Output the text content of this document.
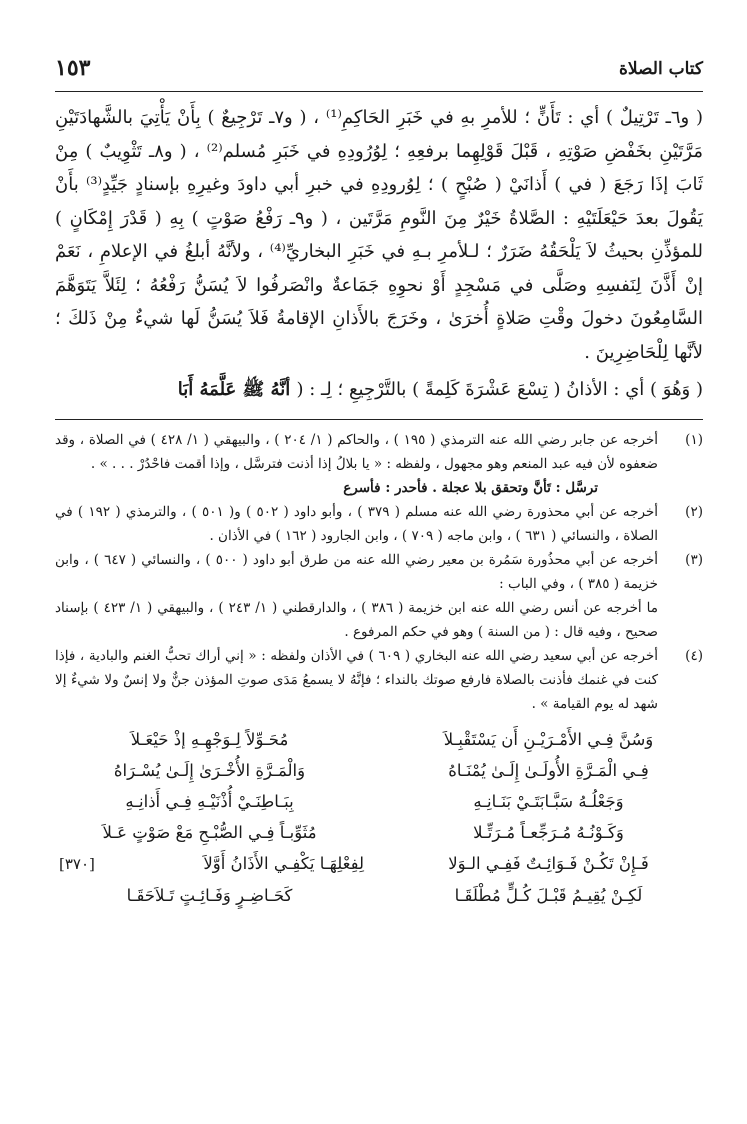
كتاب الصلاة
١٥٣

( و٦ـ تَرْتِيلٌ ) أي : تَأَنٍّ ؛ للأمرِ بهِ في خَبَرِ الحَاكِمِ⁽¹⁾ ، ( و٧ـ تَرْجِيعٌ ) بِأَنْ يَأْتِيَ بالشَّهادَتَيْنِ مَرَّتَيْنِ بخَفْضِ صَوْتِهِ ، قَبْلَ قَوْلِهِما برفعِهِ ؛ لِوُرُودِهِ في خَبَرِ مُسلم⁽²⁾ ، ( و٨ـ تَثْوِيبٌ ) مِنْ ثَابَ إذَا رَجَعَ ( في ) أَذانَيْ ( صُبْحٍ ) ؛ لِوُرودِهِ في خبرِ أبي داودَ وغيرِهِ بإسنادٍ جَيِّدٍ⁽³⁾ بأَنْ يَقُولَ بعدَ حَيْعَلَتَيْهِ : الصَّلاةُ خَيْرٌ مِنَ النَّومِ مَرَّتَين ، ( و٩ـ رَفْعُ صَوْتٍ ) بِهِ ( قَدْرَ إِمْكَانٍ ) للمؤذِّنِ بحيثُ لاَ يَلْحَقُهُ ضَرَرٌ ؛ لـلأمرِ بـهِ في خَبَرِ البخاريِّ⁽⁴⁾ ، ولأنَّهُ أبلغُ في الإعلامِ ، نَعَمْ إنْ أَذَّنَ لِنَفسِهِ وصَلَّى في مَسْجِدٍ أَوْ نحوِهِ جَمَاعةٌ وانْصَرفُوا لاَ يُسَنُّ رَفْعُهُ ؛ لِئَلاَّ يَتَوَهَّمَ السَّامِعُونَ دخولَ وقْتِ صَلاةٍ أُخرَىٰ ، وخَرَجَ بالأَذانِ الإقامةُ فَلاَ يُسَنُّ لَها شيءٌ مِنْ ذَلكَ ؛ لأنَّها لِلْحَاضِرِينَ .

( وَهُوَ ) أي : الأذانُ ( تِسْعَ عَشْرَةَ كَلِمةً ) بالتَّرْجِيعِ ؛ لِـ : ( أنَّهُ ﷺ عَلَّمَهُ أَبَا

(١)

أخرجه عن جابر رضي الله عنه الترمذي ( ١٩٥ ) ، والحاكم ( ١/ ٢٠٤ ) ، والبيهقي ( ١/ ٤٢٨ ) في الصلاة ، وقد ضعفوه لأن فيه عبد المنعم وهو مجهول ، ولفظه : « يا بلالُ إذا أذنت فترسَّل ، وإذا أقمت فاحْدُرْ . . . » .

ترسَّل : تَأنَّ وتحقق بلا عجلة . فأحدر : فأسرع

(٢)

أخرجه عن أبي محذورة رضي الله عنه مسلم ( ٣٧٩ ) ، وأبو داود ( ٥٠٢ ) و( ٥٠١ ) ، والترمذي ( ١٩٢ ) في الصلاة ، والنسائي ( ٦٣١ ) ، وابن ماجه ( ٧٠٩ ) ، وابن الجارود ( ١٦٢ ) في الأذان .

(٣)

أخرجه عن أبي محذُورة سَمُرة بن معير رضي الله عنه من طرق أبو داود ( ٥٠٠ ) ، والنسائي ( ٦٤٧ ) ، وابن خزيمة ( ٣٨٥ ) ، وفي الباب :

ما أخرجه عن أنس رضي الله عنه ابن خزيمة ( ٣٨٦ ) ، والدارقطني ( ١/ ٢٤٣ ) ، والبيهقي ( ١/ ٤٢٣ ) بإسناد صحيح ، وفيه قال : ( من السنة ) وهو في حكم المرفوع .

(٤)

أخرجه عن أبي سعيد رضي الله عنه البخاري ( ٦٠٩ ) في الأذان ولفظه : « إني أراك تحبُّ الغنم والبادية ، فإذا كنت في غنمك فأذنت بالصلاة فارفع صوتك بالنداء ؛ فإنَّهُ لا يسمعُ مَدَى صوتِ المؤذن جنٌّ ولا إنسٌ ولا شيءٌ إلا شهد له يوم القيامة » .

وَسُنَّ فِـي الأَمْـرَيْـنِ أَن يَسْتَقْبِـلاَ
مُحَـوِّلاً لِـوَجْهِـهِ إذْ حَيْعَـلاَ
فِـي الْمَـرَّةِ الأُولَـىٰ إِلَـىٰ يُمْنَـاهُ
وَالْمَـرَّةِ الأُخْـرَىٰ إِلَـىٰ يُسْـرَاهُ
وَجَعْلُـهُ سَبَّـابَتَـيْ بَنَـانِـهِ
بِبَـاطِنَـيْ أُذْنَيْـهِ فِـي أَذانِـهِ
وَكَـوْنُـهُ مُـرَجِّعـاً مُـرَتِّـلا
مُثَوِّبـاً فِـي الصُّبْـحِ مَعْ صَوْتٍ عَـلاَ
فَـإِنْ تَكُـنْ فَـوَائِـتٌ فَفِـي الـوَلا
لِفِعْلِهَـا يَكْفِـي الأَذَانُ أَوَّلاَ
[٣٧٠]
لَكِـنْ يُقِيـمُ قَبْـلَ كُـلٍّ مُطْلَقَـا
كَحَـاضِـرٍ وَفَـائِـتٍ تَـلاَحَقَـا
